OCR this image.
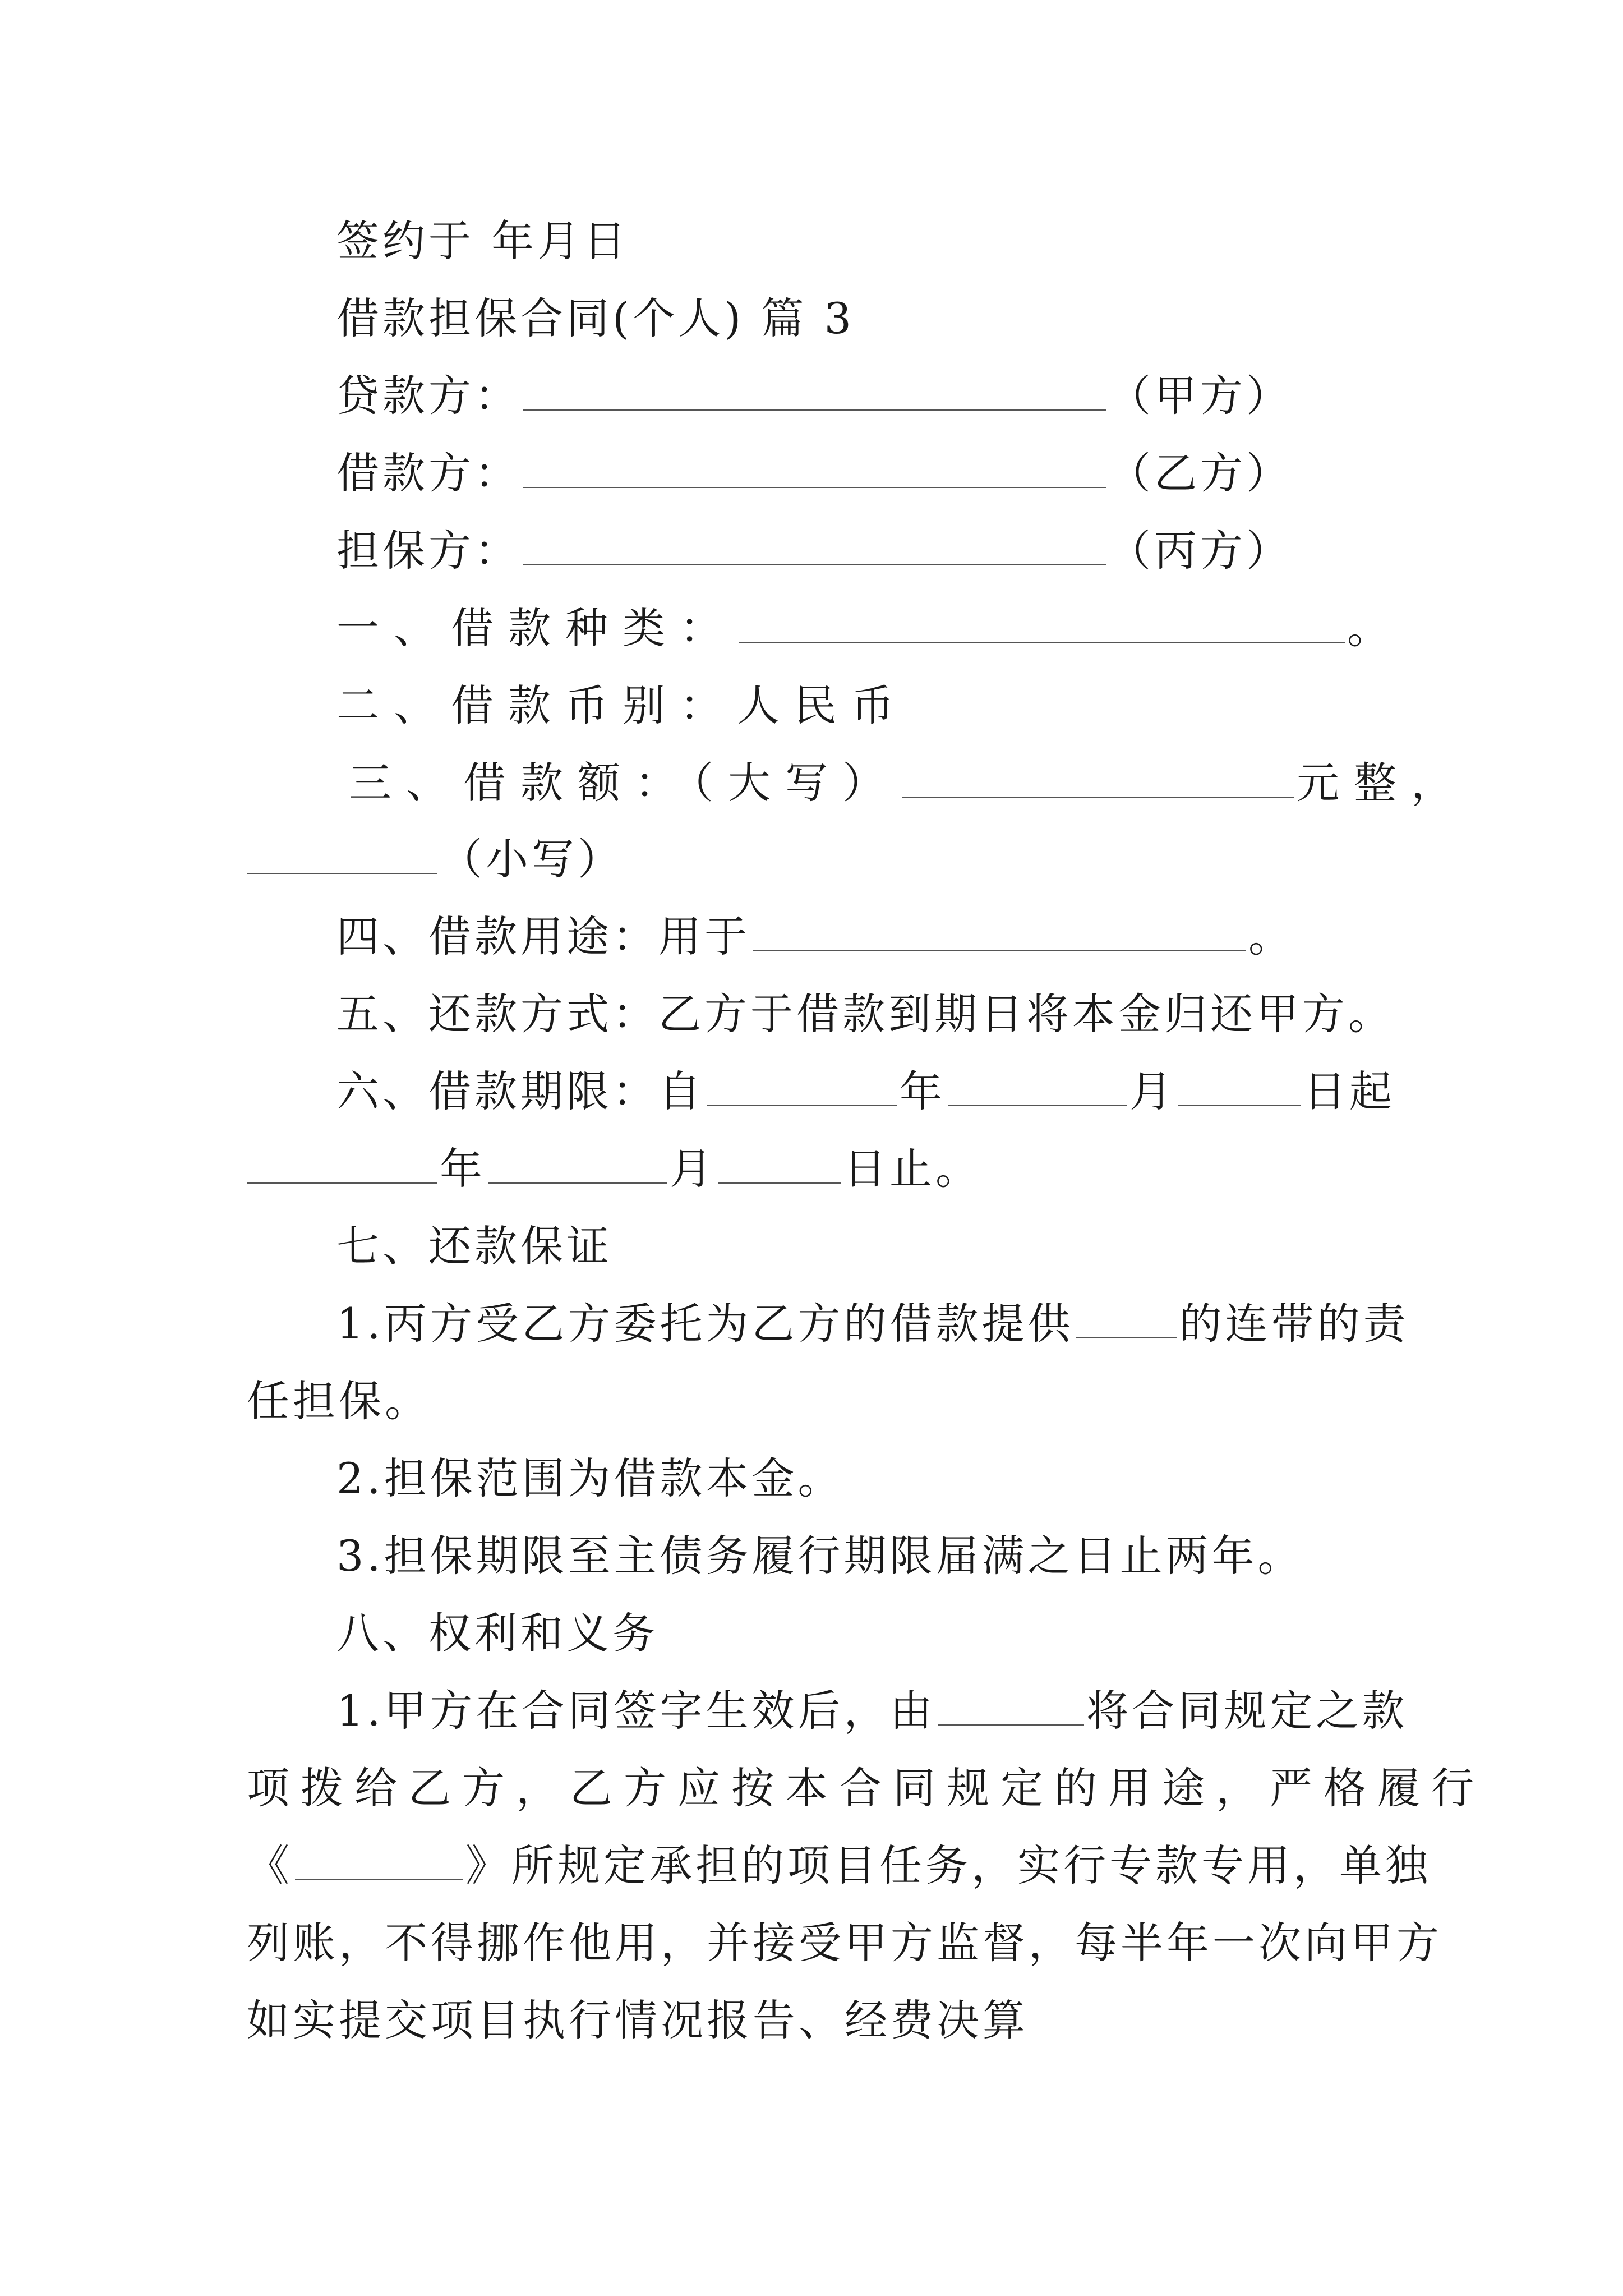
签约于 年月日
借款担保合同(个人) 篇 3
贷款方：	（甲方）
借款方：	（乙方）
担保方：	（丙方）
一、借款种类：	。
二、借款币别：人民币
三、借款额：（大写）	元整，
（小写）
四、借款用途：用于	。
五、还款方式：乙方于借款到期日将本金归还甲方。
六、借款期限：自	年	月	日起
年	月	日止。
七、还款保证
1.丙方受乙方委托为乙方的借款提供 的连带的责
任担保。
2.担保范围为借款本金。
3.担保期限至主债务履行期限届满之日止两年。
八、权利和义务
1.甲方在合同签字生效后，由	将合同规定之款
项拨给乙方，乙方应按本合同规定的用途，严格履行
《	》所规定承担的项目任务，实行专款专用，单独
列账，不得挪作他用，并接受甲方监督，每半年一次向甲方
如实提交项目执行情况报告、经费决算
